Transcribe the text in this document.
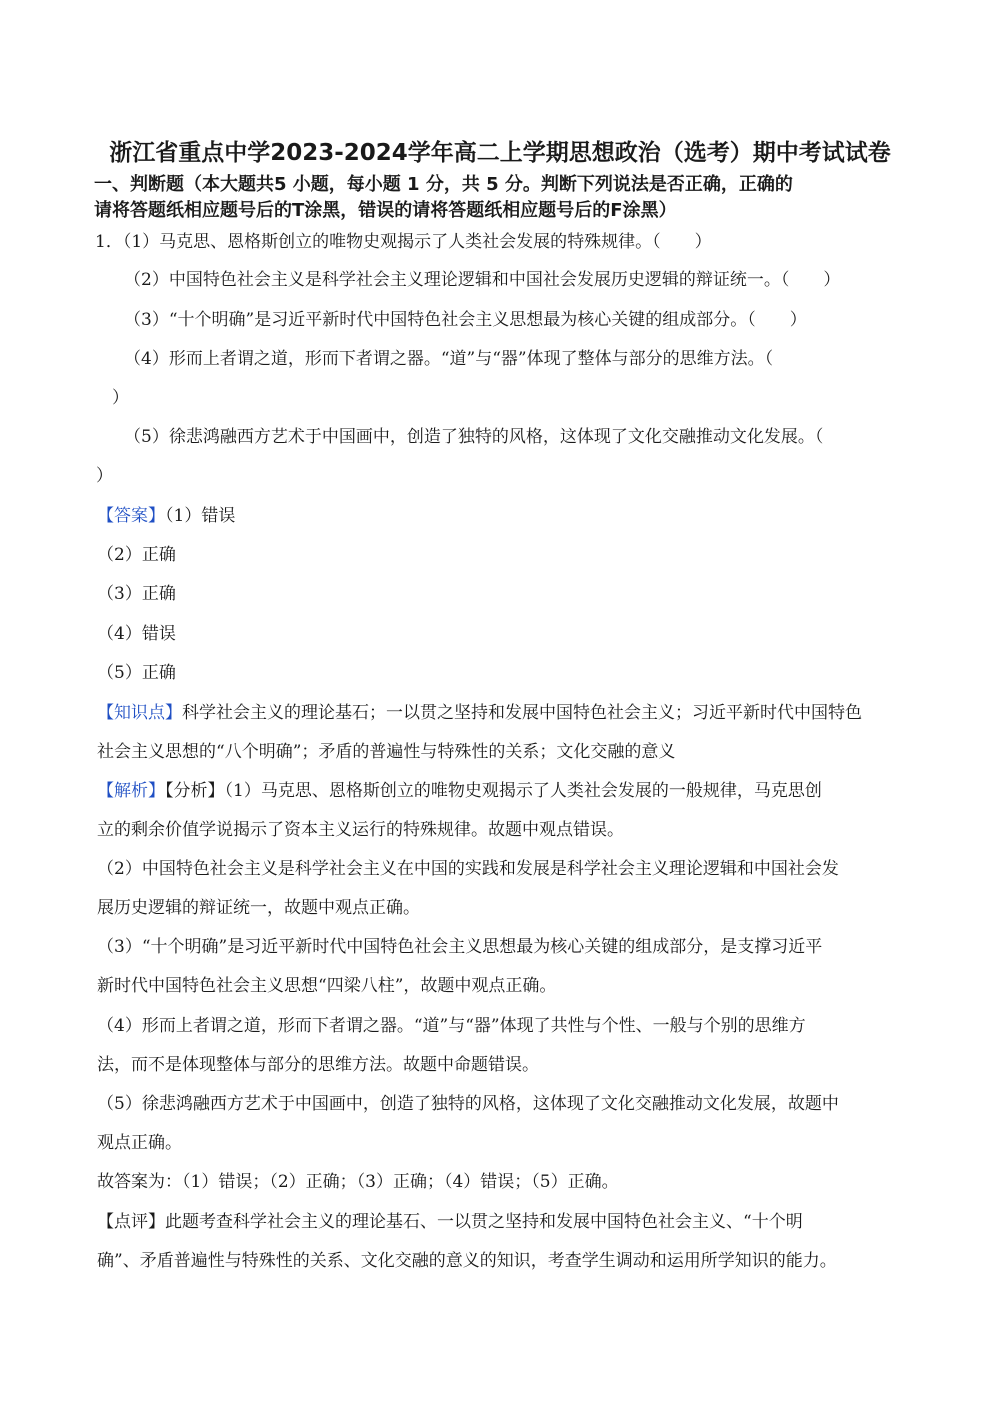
浙江省重点中学2023-2024学年高二上学期思想政治（选考）期中考试试卷
一、判断题（本大题共5 小题，每小题 1 分，共 5 分。判断下列说法是否正确，正确的
请将答题纸相应题号后的T涂黑，错误的请将答题纸相应题号后的F涂黑）
1．（1）马克思、恩格斯创立的唯物史观揭示了人类社会发展的特殊规律。（　　）
（2）中国特色社会主义是科学社会主义理论逻辑和中国社会发展历史逻辑的辩证统一。（　　）
（3）“十个明确”是习近平新时代中国特色社会主义思想最为核心关键的组成部分。（　　）
（4）形而上者谓之道，形而下者谓之器。“道”与“器”体现了整体与部分的思维方法。（
）
（5）徐悲鸿融西方艺术于中国画中，创造了独特的风格，这体现了文化交融推动文化发展。（
）
【答案】（1）错误
（2）正确
（3）正确
（4）错误
（5）正确
【知识点】科学社会主义的理论基石；一以贯之坚持和发展中国特色社会主义；习近平新时代中国特色
社会主义思想的“八个明确”；矛盾的普遍性与特殊性的关系；文化交融的意义
【解析】【分析】（1）马克思、恩格斯创立的唯物史观揭示了人类社会发展的一般规律，马克思创
立的剩余价值学说揭示了资本主义运行的特殊规律。故题中观点错误。
（2）中国特色社会主义是科学社会主义在中国的实践和发展是科学社会主义理论逻辑和中国社会发
展历史逻辑的辩证统一，故题中观点正确。
（3）“十个明确”是习近平新时代中国特色社会主义思想最为核心关键的组成部分，是支撑习近平
新时代中国特色社会主义思想“四梁八柱”，故题中观点正确。
（4）形而上者谓之道，形而下者谓之器。“道”与“器”体现了共性与个性、一般与个别的思维方
法，而不是体现整体与部分的思维方法。故题中命题错误。
（5）徐悲鸿融西方艺术于中国画中，创造了独特的风格，这体现了文化交融推动文化发展，故题中
观点正确。
故答案为：（1）错误；（2）正确；（3）正确；（4）错误；（5）正确。
【点评】此题考查科学社会主义的理论基石、一以贯之坚持和发展中国特色社会主义、“十个明
确”、矛盾普遍性与特殊性的关系、文化交融的意义的知识，考查学生调动和运用所学知识的能力。
